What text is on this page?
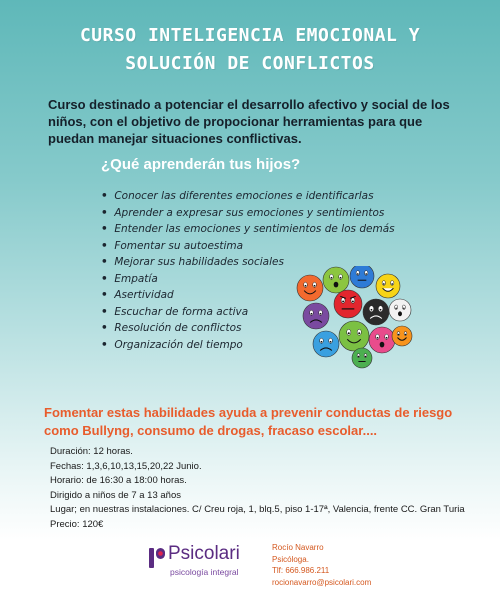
CURSO INTELIGENCIA EMOCIONAL Y
SOLUCIÓN DE CONFLICTOS
Curso destinado a potenciar el desarrollo afectivo y social de los niños, con el objetivo de propocionar herramientas para que puedan manejar situaciones conflictivas.
¿Qué aprenderán tus hijos?
• Conocer las diferentes emociones e identificarlas
• Aprender a expresar sus emociones y sentimientos
• Entender las emociones y sentimientos de los demás
• Fomentar su autoestima
• Mejorar sus habilidades sociales
• Empatía
• Asertividad
• Escuchar de forma activa
• Resolución de conflictos
• Organización del tiempo
Fomentar estas habilidades ayuda a prevenir conductas de riesgo como Bullyng, consumo de drogas, fracaso escolar....
Duración: 12 horas.
Fechas: 1,3,6,10,13,15,20,22 Junio.
Horario: de 16:30 a 18:00 horas.
Dirigido a niños de 7 a 13 años
Lugar; en nuestras instalaciones. C/ Creu roja, 1, blq.5, piso 1-17ª, Valencia, frente CC. Gran Turia
Precio: 120€
Psicolari
psicología integral
Rocío Navarro
Psicóloga.
Tlf: 666.986.211
rocionavarro@psicolari.com
